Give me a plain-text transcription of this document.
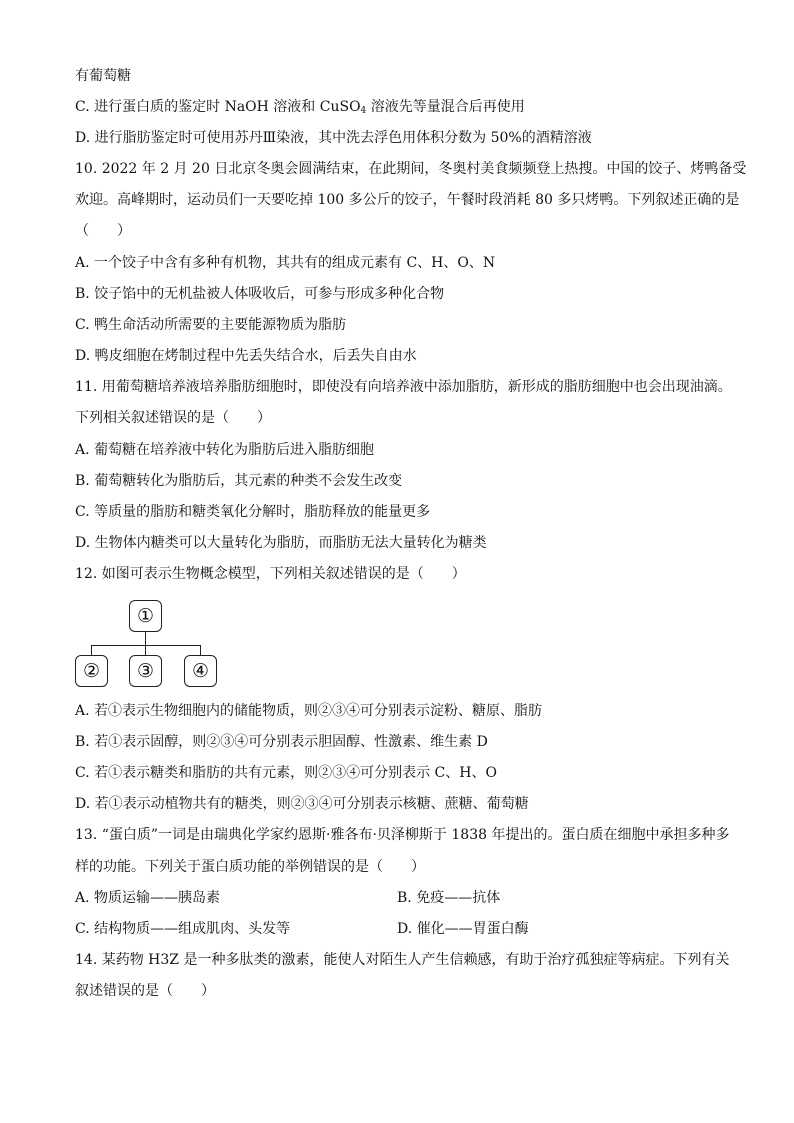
有葡萄糖
C. 进行蛋白质的鉴定时 NaOH 溶液和 CuSO$_4$ 溶液先等量混合后再使用
D. 进行脂肪鉴定时可使用苏丹Ⅲ染液，其中洗去浮色用体积分数为 50%的酒精溶液
10. 2022 年 2 月 20 日北京冬奥会圆满结束，在此期间，冬奥村美食频频登上热搜。中国的饺子、烤鸭备受
欢迎。高峰期时，运动员们一天要吃掉 100 多公斤的饺子，午餐时段消耗 80 多只烤鸭。下列叙述正确的是
（　　）
A. 一个饺子中含有多种有机物，其共有的组成元素有 C、H、O、N
B. 饺子馅中的无机盐被人体吸收后，可参与形成多种化合物
C. 鸭生命活动所需要的主要能源物质为脂肪
D. 鸭皮细胞在烤制过程中先丢失结合水，后丢失自由水
11. 用葡萄糖培养液培养脂肪细胞时，即使没有向培养液中添加脂肪，新形成的脂肪细胞中也会出现油滴。
下列相关叙述错误的是（　　）
A. 葡萄糖在培养液中转化为脂肪后进入脂肪细胞
B. 葡萄糖转化为脂肪后，其元素的种类不会发生改变
C. 等质量的脂肪和糖类氧化分解时，脂肪释放的能量更多
D. 生物体内糖类可以大量转化为脂肪，而脂肪无法大量转化为糖类
12. 如图可表示生物概念模型，下列相关叙述错误的是（　　）
①
②	③	④
A. 若①表示生物细胞内的储能物质，则②③④可分别表示淀粉、糖原、脂肪
B. 若①表示固醇，则②③④可分别表示胆固醇、性激素、维生素 D
C. 若①表示糖类和脂肪的共有元素，则②③④可分别表示 C、H、O
D. 若①表示动植物共有的糖类，则②③④可分别表示核糖、蔗糖、葡萄糖
13. “蛋白质”一词是由瑞典化学家约恩斯·雅各布·贝泽柳斯于 1838 年提出的。蛋白质在细胞中承担多种多
样的功能。下列关于蛋白质功能的举例错误的是（　　）
A. 物质运输——胰岛素	B. 免疫——抗体
C. 结构物质——组成肌肉、头发等	D. 催化——胃蛋白酶
14. 某药物 H3Z 是一种多肽类的激素，能使人对陌生人产生信赖感，有助于治疗孤独症等病症。下列有关
叙述错误的是（　　）
